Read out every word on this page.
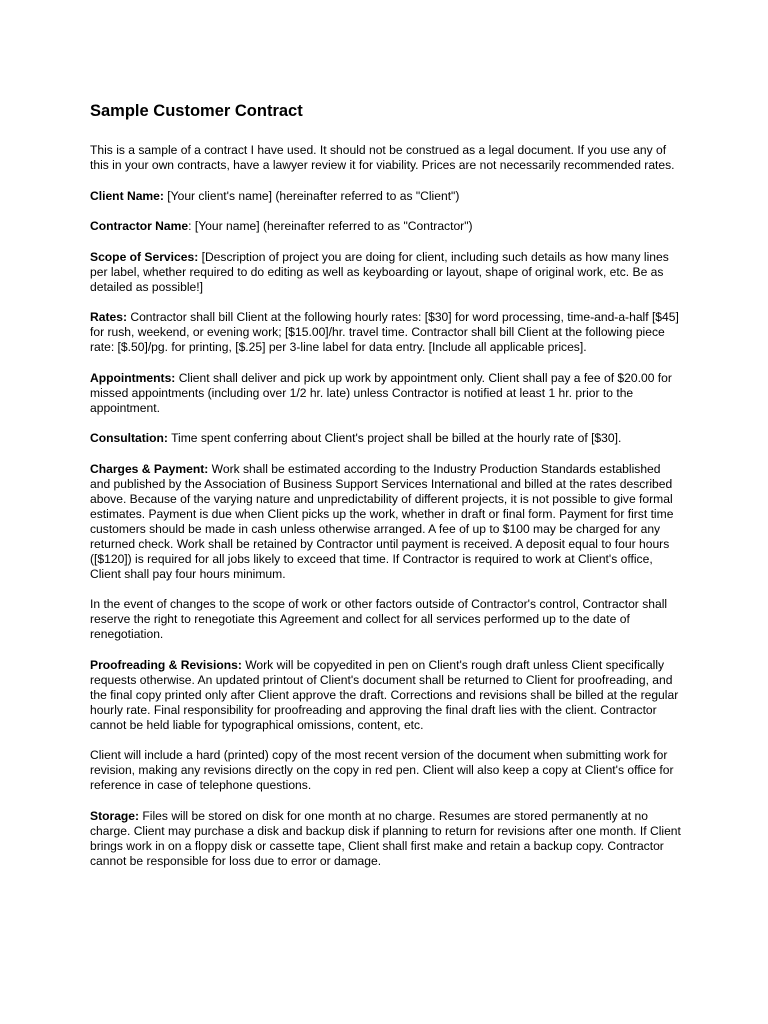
Sample Customer Contract

This is a sample of a contract I have used. It should not be construed as a legal document. If you use any of this in your own contracts, have a lawyer review it for viability. Prices are not necessarily recommended rates.

Client Name: [Your client's name] (hereinafter referred to as "Client")

Contractor Name: [Your name] (hereinafter referred to as "Contractor")

Scope of Services: [Description of project you are doing for client, including such details as how many lines per label, whether required to do editing as well as keyboarding or layout, shape of original work, etc. Be as detailed as possible!]

Rates: Contractor shall bill Client at the following hourly rates: [$30] for word processing, time-and-a-half [$45] for rush, weekend, or evening work; [$15.00]/hr. travel time. Contractor shall bill Client at the following piece rate: [$.50]/pg. for printing, [$.25] per 3-line label for data entry. [Include all applicable prices].

Appointments: Client shall deliver and pick up work by appointment only. Client shall pay a fee of $20.00 for missed appointments (including over 1/2 hr. late) unless Contractor is notified at least 1 hr. prior to the appointment.

Consultation: Time spent conferring about Client's project shall be billed at the hourly rate of [$30].

Charges & Payment: Work shall be estimated according to the Industry Production Standards established and published by the Association of Business Support Services International and billed at the rates described above. Because of the varying nature and unpredictability of different projects, it is not possible to give formal estimates. Payment is due when Client picks up the work, whether in draft or final form. Payment for first time customers should be made in cash unless otherwise arranged. A fee of up to $100 may be charged for any returned check. Work shall be retained by Contractor until payment is received. A deposit equal to four hours ([$120]) is required for all jobs likely to exceed that time. If Contractor is required to work at Client's office, Client shall pay four hours minimum.

In the event of changes to the scope of work or other factors outside of Contractor's control, Contractor shall reserve the right to renegotiate this Agreement and collect for all services performed up to the date of renegotiation.

Proofreading & Revisions: Work will be copyedited in pen on Client's rough draft unless Client specifically requests otherwise. An updated printout of Client's document shall be returned to Client for proofreading, and the final copy printed only after Client approve the draft. Corrections and revisions shall be billed at the regular hourly rate. Final responsibility for proofreading and approving the final draft lies with the client. Contractor cannot be held liable for typographical omissions, content, etc.

Client will include a hard (printed) copy of the most recent version of the document when submitting work for revision, making any revisions directly on the copy in red pen. Client will also keep a copy at Client's office for reference in case of telephone questions.

Storage: Files will be stored on disk for one month at no charge. Resumes are stored permanently at no charge. Client may purchase a disk and backup disk if planning to return for revisions after one month. If Client brings work in on a floppy disk or cassette tape, Client shall first make and retain a backup copy. Contractor cannot be responsible for loss due to error or damage.
